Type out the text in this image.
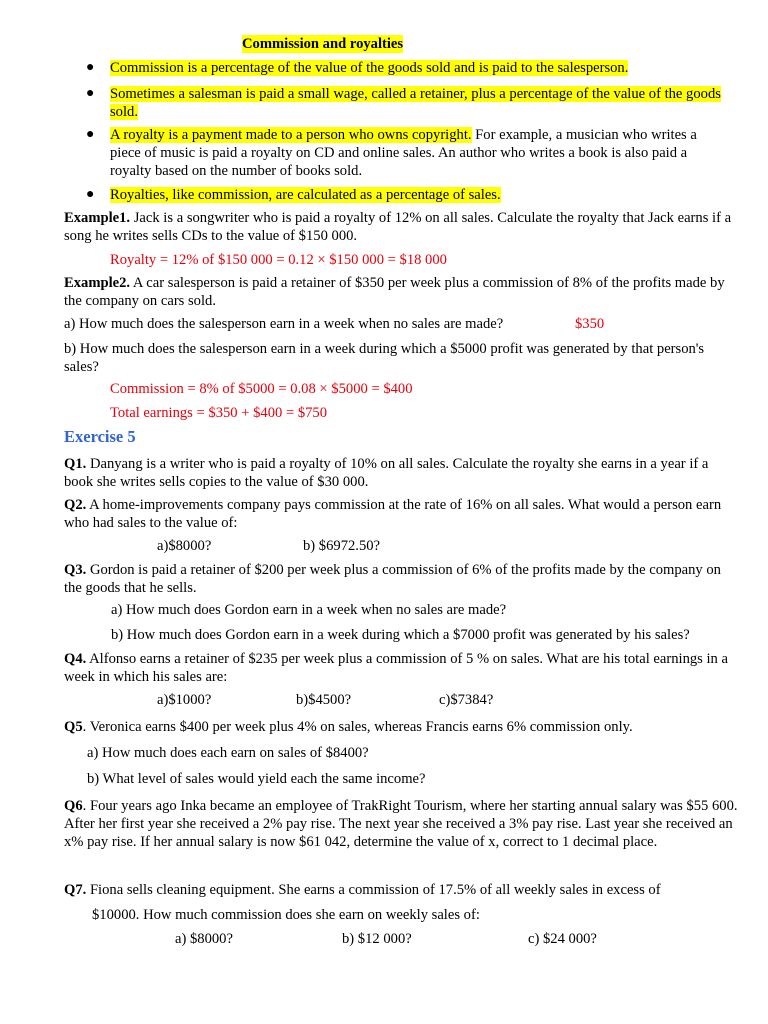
Commission and royalties
● Commission is a percentage of the value of the goods sold and is paid to the salesperson.
● Sometimes a salesman is paid a small wage, called a retainer, plus a percentage of the value of the goods sold.
● A royalty is a payment made to a person who owns copyright. For example, a musician who writes a piece of music is paid a royalty on CD and online sales. An author who writes a book is also paid a royalty based on the number of books sold.
● Royalties, like commission, are calculated as a percentage of sales.
Example1. Jack is a songwriter who is paid a royalty of 12% on all sales. Calculate the royalty that Jack earns if a song he writes sells CDs to the value of $150 000.
Royalty = 12% of $150 000 = 0.12 × $150 000 = $18 000
Example2. A car salesperson is paid a retainer of $350 per week plus a commission of 8% of the profits made by the company on cars sold.
a) How much does the salesperson earn in a week when no sales are made?	$350
b) How much does the salesperson earn in a week during which a $5000 profit was generated by that person's sales?
Commission = 8% of $5000 = 0.08 × $5000 = $400
Total earnings = $350 + $400 = $750
Exercise 5
Q1. Danyang is a writer who is paid a royalty of 10% on all sales. Calculate the royalty she earns in a year if a book she writes sells copies to the value of $30 000.
Q2. A home-improvements company pays commission at the rate of 16% on all sales. What would a person earn who had sales to the value of:
a)$8000?	b) $6972.50?
Q3. Gordon is paid a retainer of $200 per week plus a commission of 6% of the profits made by the company on the goods that he sells.
a) How much does Gordon earn in a week when no sales are made?
b) How much does Gordon earn in a week during which a $7000 profit was generated by his sales?
Q4. Alfonso earns a retainer of $235 per week plus a commission of 5 % on sales. What are his total earnings in a week in which his sales are:
a)$1000?	b)$4500?	c)$7384?
Q5. Veronica earns $400 per week plus 4% on sales, whereas Francis earns 6% commission only.
a) How much does each earn on sales of $8400?
b) What level of sales would yield each the same income?
Q6. Four years ago Inka became an employee of TrakRight Tourism, where her starting annual salary was $55 600. After her first year she received a 2% pay rise. The next year she received a 3% pay rise. Last year she received an x% pay rise. If her annual salary is now $61 042, determine the value of x, correct to 1 decimal place.
Q7. Fiona sells cleaning equipment. She earns a commission of 17.5% of all weekly sales in excess of
$10000. How much commission does she earn on weekly sales of:
a) $8000?	b) $12 000?	c) $24 000?
